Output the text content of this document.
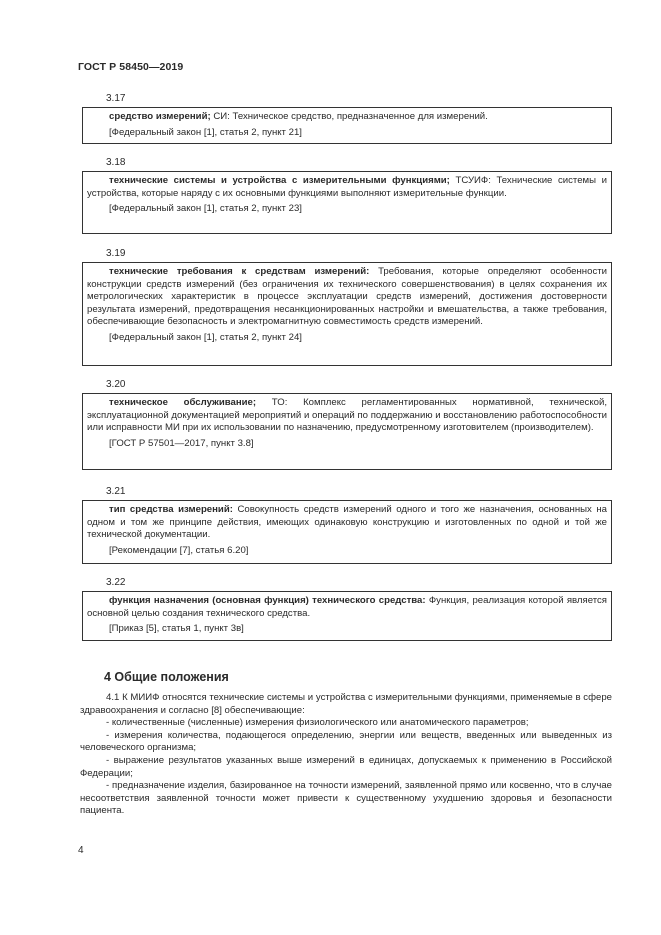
ГОСТ Р 58450—2019
3.17

средство измерений; СИ: Техническое средство, предназначенное для измерений.

[Федеральный закон [1], статья 2, пункт 21]

3.18

технические системы и устройства с измерительными функциями; ТСУИФ: Технические системы и устройства, которые наряду с их основными функциями выполняют измерительные функции.

[Федеральный закон [1], статья 2, пункт 23]

3.19

технические требования к средствам измерений: Требования, которые определяют особенности конструкции средств измерений (без ограничения их технического совершенствования) в целях сохранения их метрологических характеристик в процессе эксплуатации средств измерений, достижения достоверности результата измерений, предотвращения несанкционированных настройки и вмешательства, а также требования, обеспечивающие безопасность и электромагнитную совместимость средств измерений.

[Федеральный закон [1], статья 2, пункт 24]

3.20

техническое обслуживание; ТО: Комплекс регламентированных нормативной, технической, эксплуатационной документацией мероприятий и операций по поддержанию и восстановлению работоспособности или исправности МИ при их использовании по назначению, предусмотренному изготовителем (производителем).

[ГОСТ Р 57501—2017, пункт 3.8]

3.21

тип средства измерений: Совокупность средств измерений одного и того же назначения, основанных на одном и том же принципе действия, имеющих одинаковую конструкцию и изготовленных по одной и той же технической документации.

[Рекомендации [7], статья 6.20]

3.22

функция назначения (основная функция) технического средства: Функция, реализация которой является основной целью создания технического средства.

[Приказ [5], статья 1, пункт 3в]

4 Общие положения

4.1 К МИИФ относятся технические системы и устройства с измерительными функциями, применяемые в сфере здравоохранения и согласно [8] обеспечивающие:

- количественные (численные) измерения физиологического или анатомического параметров;

- измерения количества, подающегося определению, энергии или веществ, введенных или выведенных из человеческого организма;

- выражение результатов указанных выше измерений в единицах, допускаемых к применению в Российской Федерации;

- предназначение изделия, базированное на точности измерений, заявленной прямо или косвенно, что в случае несоответствия заявленной точности может привести к существенному ухудшению здоровья и безопасности пациента.

4
